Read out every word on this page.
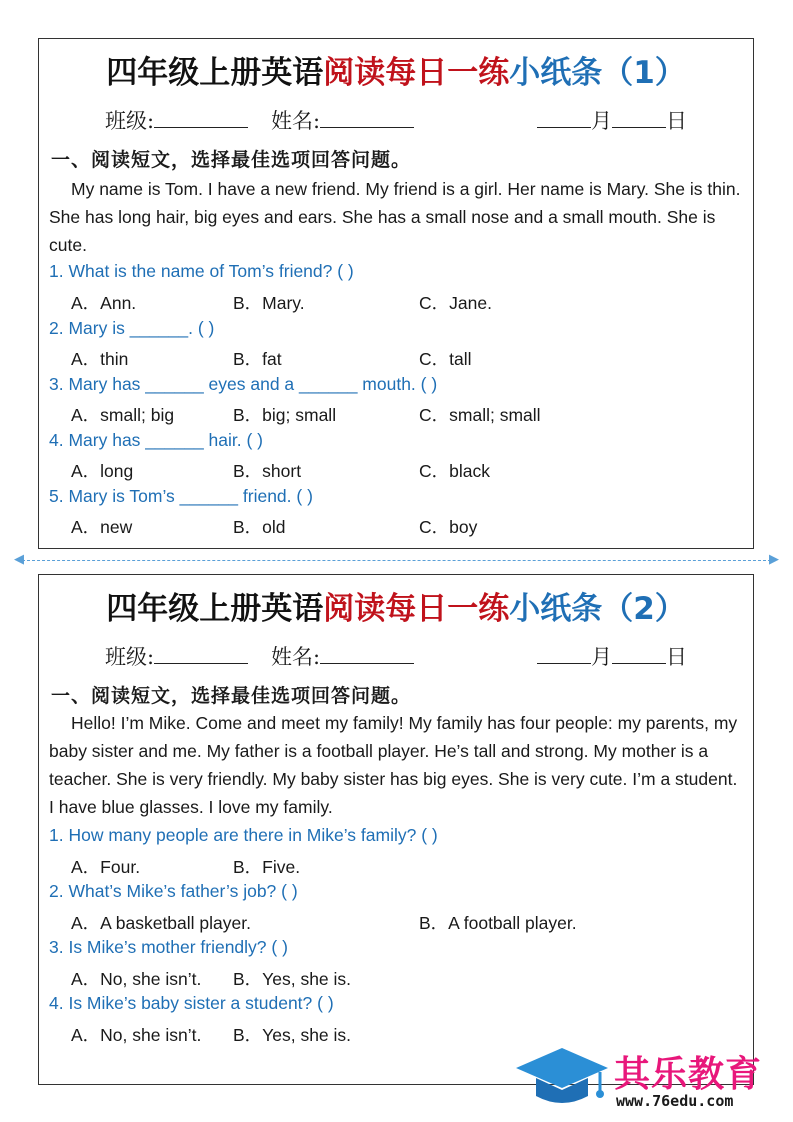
四年级上册英语阅读每日一练小纸条（1）
班级:	姓名:	月	日
一、阅读短文，选择最佳选项回答问题。

My name is Tom. I have a new friend. My friend is a girl. Her name is Mary. She is thin. She has long hair, big eyes and ears. She has a small nose and a small mouth. She is cute.

1. What is the name of Tom’s friend? ( )
A．Ann.	B．Mary.	C．Jane.
2. Mary is ______. ( )
A．thin	B．fat	C．tall
3. Mary has ______ eyes and a ______ mouth. ( )
A．small; big	B．big; small	C．small; small
4. Mary has ______ hair. ( )
A．long	B．short	C．black
5. Mary is Tom’s ______ friend. ( )
A．new	B．old	C．boy
◀	▶
四年级上册英语阅读每日一练小纸条（2）
班级:	姓名:	月	日
一、阅读短文，选择最佳选项回答问题。

Hello! I’m Mike. Come and meet my family! My family has four people: my parents, my baby sister and me. My father is a football player. He’s tall and strong. My mother is a teacher. She is very friendly. My baby sister has big eyes. She is very cute. I’m a student. I have blue glasses. I love my family.

1. How many people are there in Mike’s family? ( )
A．Four.	B．Five.
2. What’s Mike’s father’s job? ( )
A．A basketball player.	B．A football player.
3. Is Mike’s mother friendly? ( )
A．No, she isn’t. B．Yes, she is.
4. Is Mike’s baby sister a student? ( )
A．No, she isn’t. B．Yes, she is.
其乐教育
www.76edu.com
